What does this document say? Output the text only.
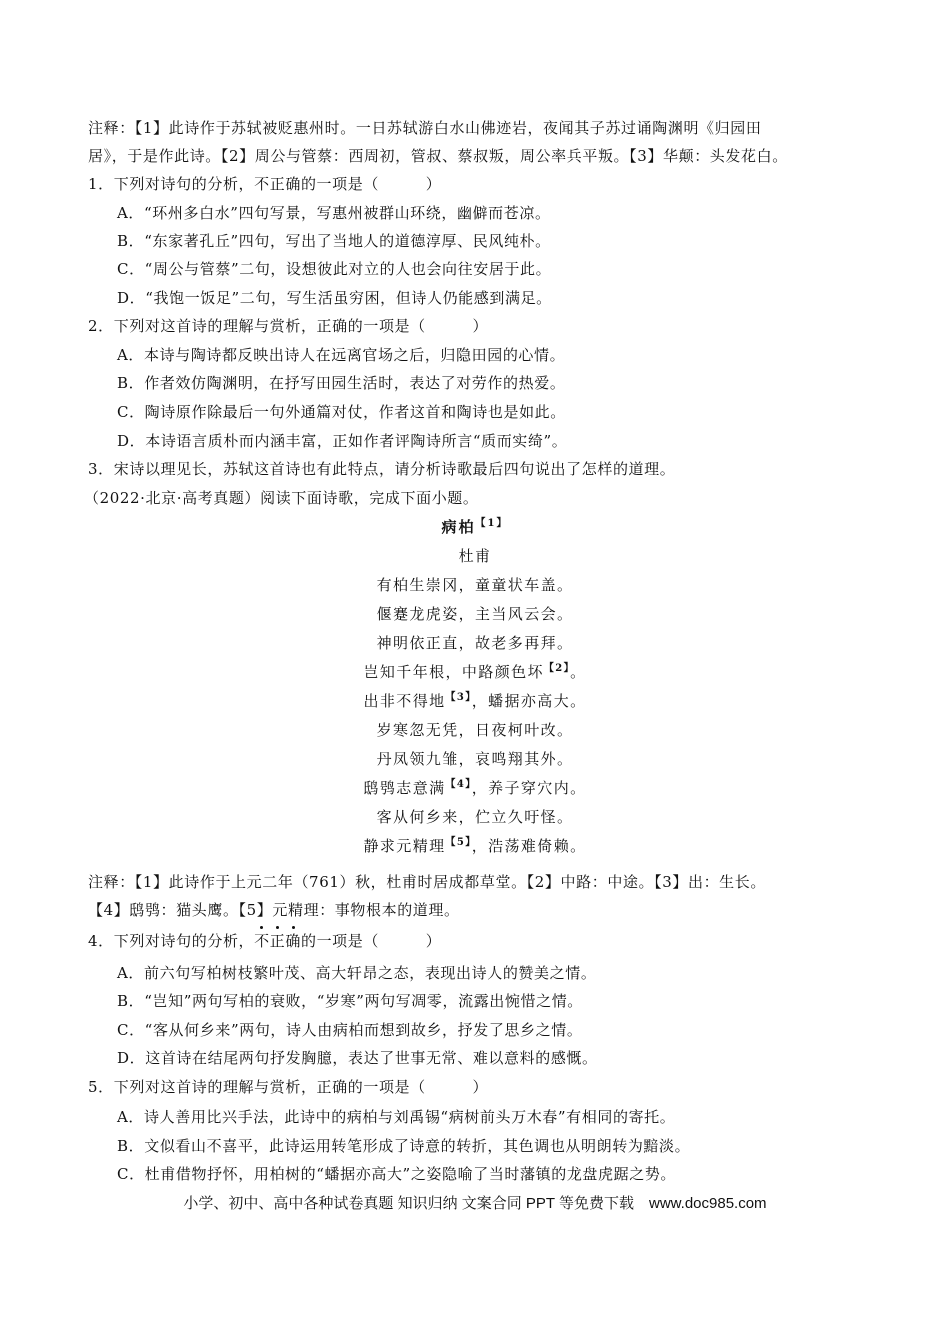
注释：【1】此诗作于苏轼被贬惠州时。一日苏轼游白水山佛迹岩，夜闻其子苏过诵陶渊明《归园田
居》，于是作此诗。【2】周公与管蔡：西周初，管叔、蔡叔叛，周公率兵平叛。【3】华颠：头发花白。
1．下列对诗句的分析，不正确的一项是（　　　）
A．“环州多白水”四句写景，写惠州被群山环绕，幽僻而苍凉。
B．“东家著孔丘”四句，写出了当地人的道德淳厚、民风纯朴。
C．“周公与管蔡”二句，设想彼此对立的人也会向往安居于此。
D．“我饱一饭足”二句，写生活虽穷困，但诗人仍能感到满足。
2．下列对这首诗的理解与赏析，正确的一项是（　　　）
A．本诗与陶诗都反映出诗人在远离官场之后，归隐田园的心情。
B．作者效仿陶渊明，在抒写田园生活时，表达了对劳作的热爱。
C．陶诗原作除最后一句外通篇对仗，作者这首和陶诗也是如此。
D．本诗语言质朴而内涵丰富，正如作者评陶诗所言“质而实绮”。
3．宋诗以理见长，苏轼这首诗也有此特点，请分析诗歌最后四句说出了怎样的道理。
（2022·北京·高考真题）阅读下面诗歌，完成下面小题。
病柏$^{【1】}$
杜甫
有柏生崇冈，童童状车盖。
偃蹇龙虎姿，主当风云会。
神明依正直，故老多再拜。
岂知千年根，中路颜色坏$^{【2】}$。
出非不得地$^{【3】}$，蟠据亦高大。
岁寒忽无凭，日夜柯叶改。
丹凤领九雏，哀鸣翔其外。
鸱鸮志意满$^{【4】}$，养子穿穴内。
客从何乡来，伫立久吁怪。
静求元精理$^{【5】}$，浩荡难倚赖。
注释：【1】此诗作于上元二年（761）秋，杜甫时居成都草堂。【2】中路：中途。【3】出：生长。
【4】鸱鸮：猫头鹰。【5】元精理：事物根本的道理。
4．下列对诗句的分析，不正确的一项是（　　　）
A．前六句写柏树枝繁叶茂、高大轩昂之态，表现出诗人的赞美之情。
B．“岂知”两句写柏的衰败，“岁寒”两句写凋零，流露出惋惜之情。
C．“客从何乡来”两句，诗人由病柏而想到故乡，抒发了思乡之情。
D．这首诗在结尾两句抒发胸臆，表达了世事无常、难以意料的感慨。
5．下列对这首诗的理解与赏析，正确的一项是（　　　）
A．诗人善用比兴手法，此诗中的病柏与刘禹锡“病树前头万木春”有相同的寄托。
B．文似看山不喜平，此诗运用转笔形成了诗意的转折，其色调也从明朗转为黯淡。
C．杜甫借物抒怀，用柏树的“蟠据亦高大”之姿隐喻了当时藩镇的龙盘虎踞之势。
小学、初中、高中各种试卷真题 知识归纳 文案合同 PPT 等免费下载　www.doc985.com
